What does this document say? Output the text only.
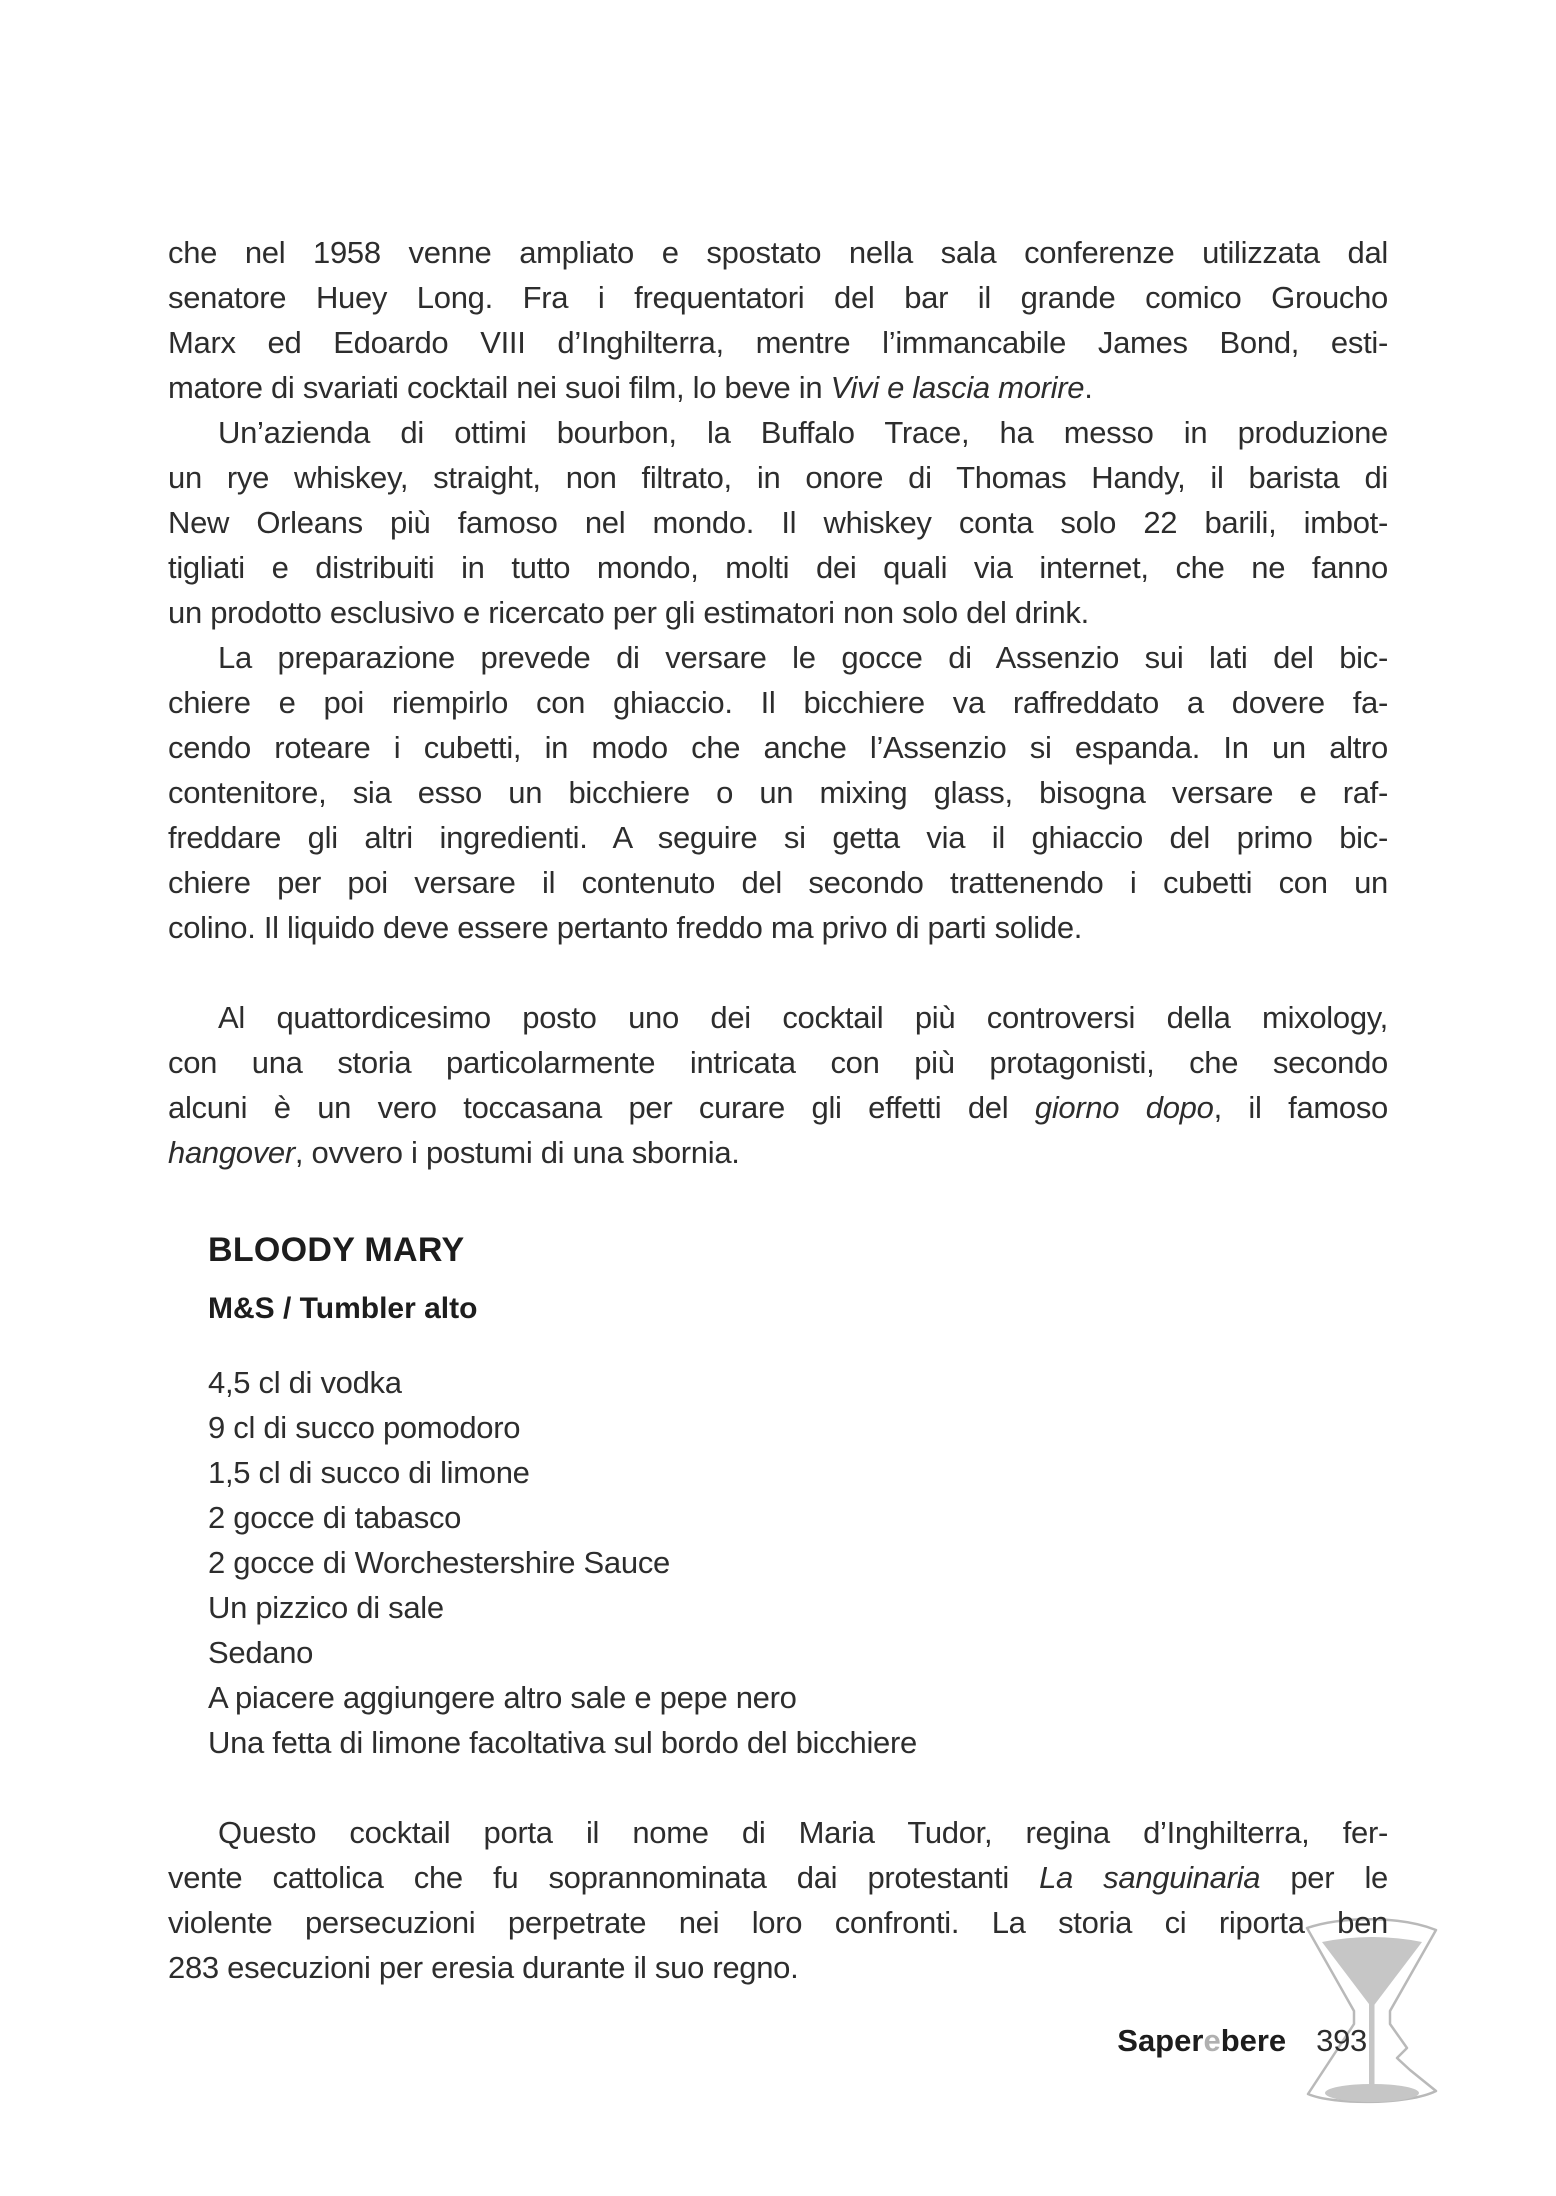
che nel 1958 venne ampliato e spostato nella sala conferenze utilizzata dal
senatore Huey Long. Fra i frequentatori del bar il grande comico Groucho
Marx ed Edoardo VIII d’Inghilterra, mentre l’immancabile James Bond, esti-
matore di svariati cocktail nei suoi film, lo beve in Vivi e lascia morire.
Un’azienda di ottimi bourbon, la Buffalo Trace, ha messo in produzione
un rye whiskey, straight, non filtrato, in onore di Thomas Handy, il barista di
New Orleans più famoso nel mondo. Il whiskey conta solo 22 barili, imbot-
tigliati e distribuiti in tutto mondo, molti dei quali via internet, che ne fanno
un prodotto esclusivo e ricercato per gli estimatori non solo del drink.
La preparazione prevede di versare le gocce di Assenzio sui lati del bic-
chiere e poi riempirlo con ghiaccio. Il bicchiere va raffreddato a dovere fa-
cendo roteare i cubetti, in modo che anche l’Assenzio si espanda. In un altro
contenitore, sia esso un bicchiere o un mixing glass, bisogna versare e raf-
freddare gli altri ingredienti. A seguire si getta via il ghiaccio del primo bic-
chiere per poi versare il contenuto del secondo trattenendo i cubetti con un
colino. Il liquido deve essere pertanto freddo ma privo di parti solide.
Al quattordicesimo posto uno dei cocktail più controversi della mixology,
con una storia particolarmente intricata con più protagonisti, che secondo
alcuni è un vero toccasana per curare gli effetti del giorno dopo, il famoso
hangover, ovvero i postumi di una sbornia.
BLOODY MARY
M&S / Tumbler alto
4,5 cl di vodka
9 cl di succo pomodoro
1,5 cl di succo di limone
2 gocce di tabasco
2 gocce di Worchestershire Sauce
Un pizzico di sale
Sedano
A piacere aggiungere altro sale e pepe nero
Una fetta di limone facoltativa sul bordo del bicchiere
Questo cocktail porta il nome di Maria Tudor, regina d’Inghilterra, fer-
vente cattolica che fu soprannominata dai protestanti La sanguinaria per le
violente persecuzioni perpetrate nei loro confronti. La storia ci riporta ben
283 esecuzioni per eresia durante il suo regno.
Saperebere 393
